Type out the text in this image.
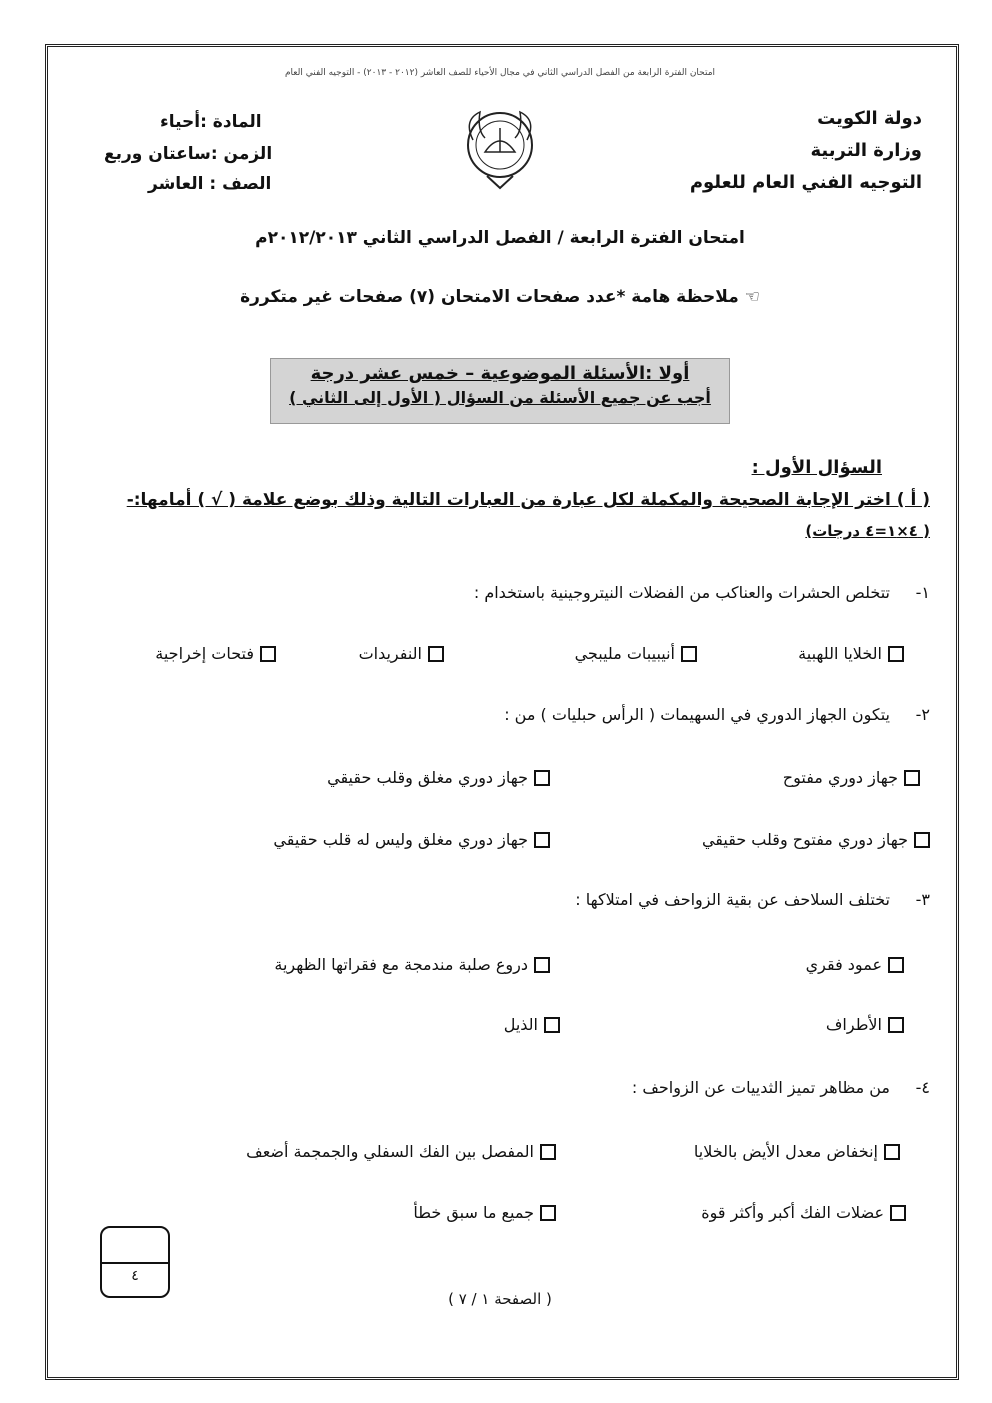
امتحان الفترة الرابعة من الفصل الدراسي الثاني في مجال الأحياء للصف العاشر (٢٠١٢ - ٢٠١٣) - التوجيه الفني العام
دولة الكويت
وزارة التربية
التوجيه الفني العام للعلوم
المادة :أحياء
الزمن :ساعتان وربع
الصف : العاشر
امتحان الفترة الرابعة / الفصل الدراسي الثاني ٢٠١٢/٢٠١٣م
☜ ملاحظة هامة *عدد صفحات الامتحان (٧) صفحات غير متكررة
أولا :الأسئلة الموضوعية – خمس عشر درجة
أجب عن جميع الأسئلة من السؤال ( الأول إلى الثاني )
السؤال الأول :
( أ ) اختر الإجابة الصحيحة والمكملة لكل عبارة من العبارات التالية وذلك بوضع علامة ( √ ) أمامها:-
( ٤×١=٤ درجات)
١-تتخلص الحشرات والعناكب من الفضلات النيتروجينية باستخدام :
الخلايا اللهبية
أنيبيبات مليبجي
النفريدات
فتحات إخراجية
٢-يتكون الجهاز الدوري في السهيمات ( الرأس حبليات ) من :
جهاز دوري مفتوح
جهاز دوري مغلق وقلب حقيقي
جهاز دوري مفتوح وقلب حقيقي
جهاز دوري مغلق وليس له قلب حقيقي
٣-تختلف السلاحف عن بقية الزواحف في امتلاكها :
عمود فقري
دروع صلبة مندمجة مع فقراتها الظهرية
الأطراف
الذيل
٤-من مظاهر تميز الثدييات عن الزواحف :
إنخفاض معدل الأيض بالخلايا
المفصل بين الفك السفلي والجمجمة أضعف
عضلات الفك أكبر وأكثر قوة
جميع ما سبق خطأ
٤
( الصفحة ١ / ٧ )
